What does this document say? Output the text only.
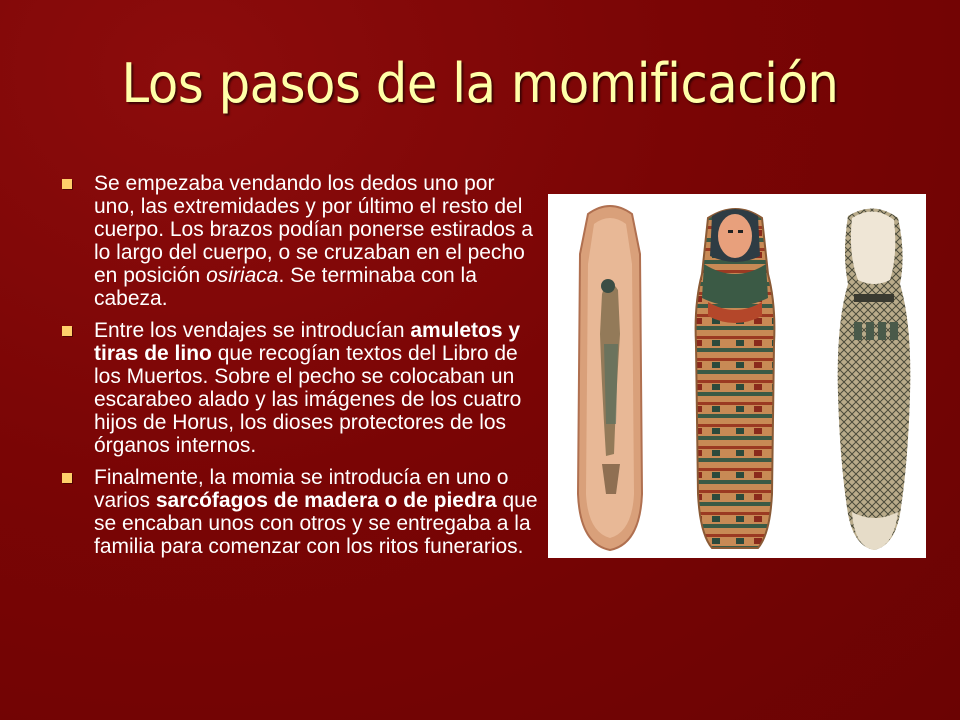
Los pasos de la momificación
Se empezaba vendando los dedos uno por uno, las extremidades y por último el resto del cuerpo. Los brazos podían ponerse estirados a lo largo del cuerpo, o se cruzaban en el pecho en posición osiriaca. Se terminaba con la cabeza.
Entre los vendajes se introducían amuletos y tiras de lino que recogían textos del Libro de los Muertos. Sobre el pecho se colocaban un escarabeo alado y las imágenes de los cuatro hijos de Horus, los dioses protectores de los órganos internos.
Finalmente, la momia se introducía en uno o varios sarcófagos de madera o de piedra que se encaban unos con otros y se entregaba a la familia para comenzar con los ritos funerarios.
